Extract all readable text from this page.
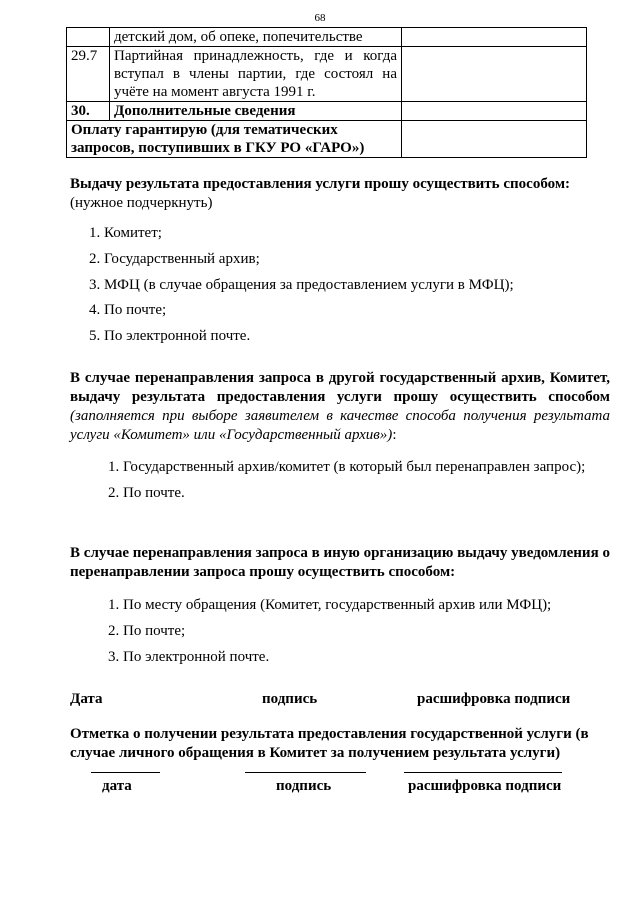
68
	детский дом, об опеке, попечительстве	
29.7	Партийная принадлежность, где и когда вступал в члены партии, где состоял на учёте на момент августа 1991 г.	
30.	Дополнительные сведения	
Оплату гарантирую (для тематических запросов, поступивших в ГКУ РО «ГАРО»)		
Выдачу результата предоставления услуги прошу осуществить способом:
(нужное подчеркнуть)
1. Комитет;
2. Государственный архив;
3. МФЦ (в случае обращения за предоставлением услуги в МФЦ);
4. По почте;
5. По электронной почте.
В случае перенаправления запроса в другой государственный архив, Комитет, выдачу результата предоставления услуги прошу осуществить способом (заполняется при выборе заявителем в качестве способа получения результата услуги «Комитет» или «Государственный архив»):
1. Государственный архив/комитет (в который был перенаправлен запрос);
2. По почте.
В случае перенаправления запроса в иную организацию выдачу уведомления о перенаправлении запроса прошу осуществить способом:
1. По месту обращения (Комитет, государственный архив или МФЦ);
2. По почте;
3. По электронной почте.
Дата	подпись	расшифровка подписи
Отметка о получении результата предоставления государственной услуги (в случае личного обращения в Комитет за получением результата услуги)
дата	подпись	расшифровка подписи
